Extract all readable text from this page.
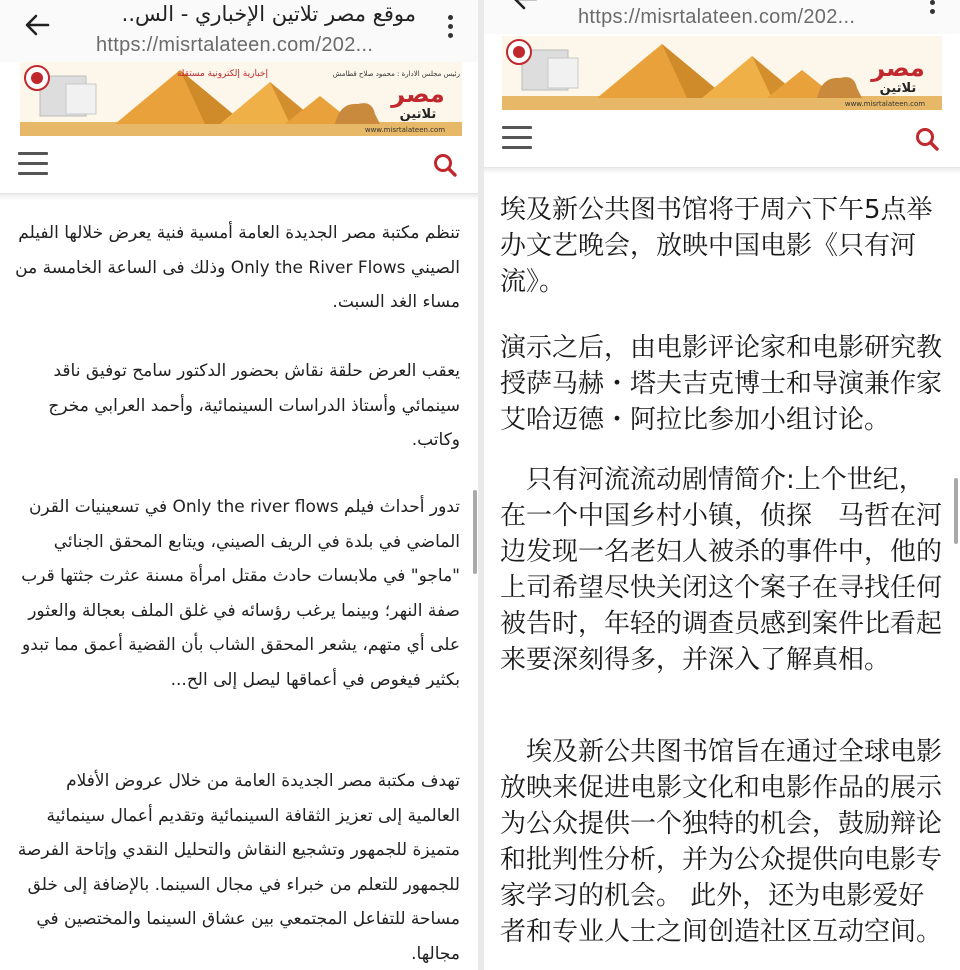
موقع مصر تلاتين الإخباري - الس..
https://misrtalateen.com/202...
رئيس مجلس الادارة : محمود صلاح قطامش
إخبارية إلكترونية مستقلة
مصر
تلاتين
www.misrtalateen.com

تنظم مكتبة مصر الجديدة العامة أمسية فنية يعرض خلالها الفيلم الصيني Only the River Flows وذلك فى الساعة الخامسة من مساء الغد السبت.

يعقب العرض حلقة نقاش بحضور الدكتور سامح توفيق ناقد سينمائي وأستاذ الدراسات السينمائية، وأحمد العرابي مخرج وكاتب.

تدور أحداث فيلم Only the river flows في تسعينيات القرن الماضي في بلدة في الريف الصيني، ويتابع المحقق الجنائي "ماجو" في ملابسات حادث مقتل امرأة مسنة عثرت جثتها قرب صفة النهر؛ وبينما يرغب رؤسائه في غلق الملف بعجالة والعثور على أي متهم، يشعر المحقق الشاب بأن القضية أعمق مما تبدو بكثير فيغوص في أعماقها ليصل إلى الح...

تهدف مكتبة مصر الجديدة العامة من خلال عروض الأفلام العالمية إلى تعزيز الثقافة السينمائية وتقديم أعمال سينمائية متميزة للجمهور وتشجيع النقاش والتحليل النقدي وإتاحة الفرصة للجمهور للتعلم من خبراء في مجال السينما. بالإضافة إلى خلق مساحة للتفاعل المجتمعي بين عشاق السينما والمختصين في مجالها.

https://misrtalateen.com/202...
مصر
تلاتين
www.misrtalateen.com

埃及新公共图书馆将于周六下午5点举办文艺晚会，放映中国电影《只有河流》。

演示之后，由电影评论家和电影研究教授萨马赫・塔夫吉克博士和导演兼作家艾哈迈德・阿拉比参加小组讨论。

　只有河流流动剧情简介:上个世纪，在一个中国乡村小镇，侦探　马哲在河边发现一名老妇人被杀的事件中，他的上司希望尽快关闭这个案子在寻找任何被告时，年轻的调查员感到案件比看起来要深刻得多，并深入了解真相。

　埃及新公共图书馆旨在通过全球电影放映来促进电影文化和电影作品的展示为公众提供一个独特的机会，鼓励辩论和批判性分析，并为公众提供向电影专家学习的机会。 此外，还为电影爱好者和专业人士之间创造社区互动空间。
